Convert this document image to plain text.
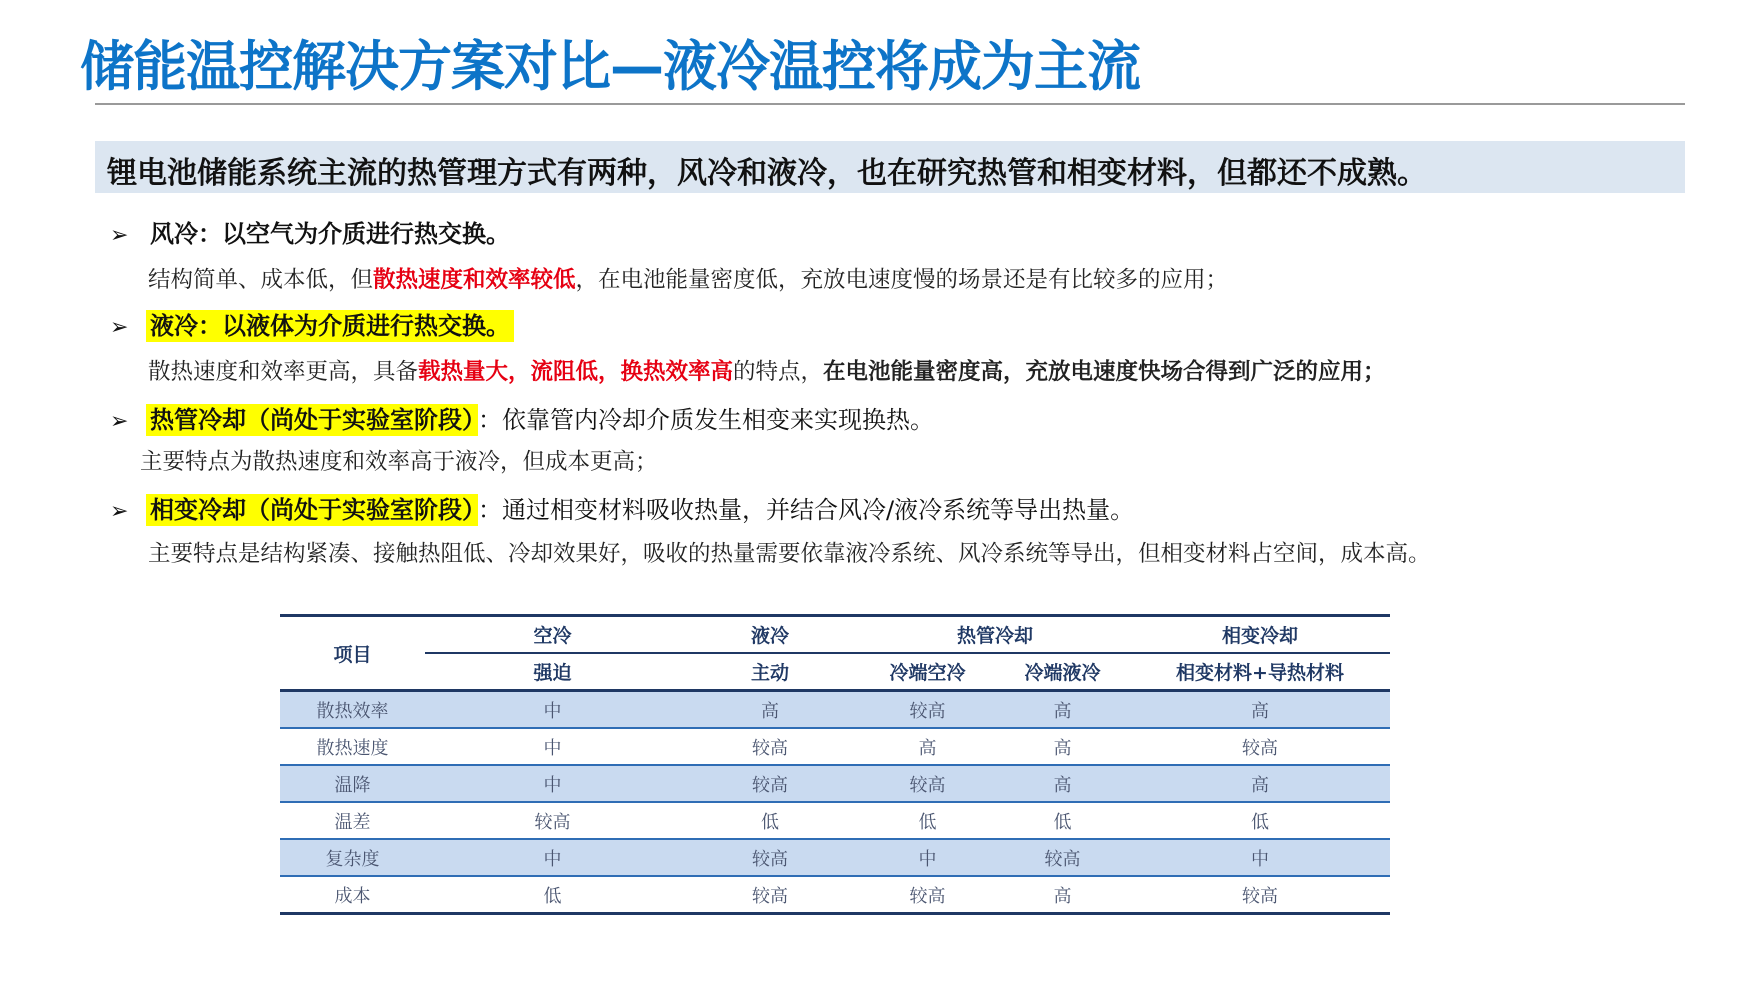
储能温控解决方案对比—液冷温控将成为主流
锂电池储能系统主流的热管理方式有两种，风冷和液冷，也在研究热管和相变材料，但都还不成熟。
➢ 风冷：以空气为介质进行热交换。
结构简单、成本低，但散热速度和效率较低，在电池能量密度低，充放电速度慢的场景还是有比较多的应用；
➢ 液冷：以液体为介质进行热交换。
散热速度和效率更高，具备载热量大，流阻低，换热效率高的特点，在电池能量密度高，充放电速度快场合得到广泛的应用；
➢ 热管冷却（尚处于实验室阶段） ：依靠管内冷却介质发生相变来实现换热。
主要特点为散热速度和效率高于液冷，但成本更高；
➢ 相变冷却（尚处于实验室阶段） ：通过相变材料吸收热量，并结合风冷/液冷系统等导出热量。
主要特点是结构紧凑、接触热阻低、冷却效果好，吸收的热量需要依靠液冷系统、风冷系统等导出，但相变材料占空间，成本高。
项目	空冷	液冷	热管冷却		相变冷却
	强迫	主动	冷端空冷	冷端液冷	相变材料+导热材料
散热效率	中	高	较高	高	高
散热速度	中	较高	高	高	较高
温降	中	较高	较高	高	高
温差	较高	低	低	低	低
复杂度	中	较高	中	较高	中
成本	低	较高	较高	高	较高
